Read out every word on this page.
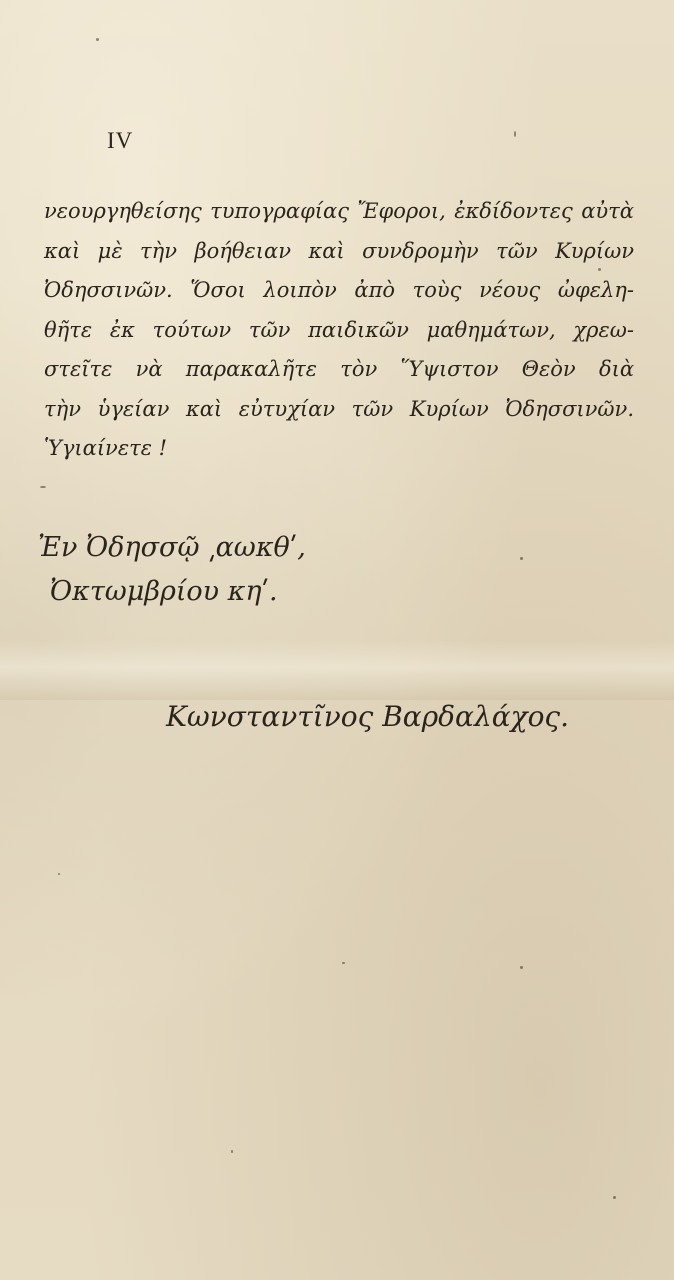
IV
νεουργηθείσης τυπογραφίας Ἔφοροι, ἐκδίδοντες αὐτὰ
καὶ μὲ τὴν βοήθειαν καὶ συνδρομὴν τῶν Κυρίων
Ὀδησσινῶν. Ὅσοι λοιπὸν ἀπὸ τοὺς νέους ὠφελη-
θῆτε ἐκ τούτων τῶν παιδικῶν μαθημάτων, χρεω-
στεῖτε νὰ παρακαλῆτε τὸν Ὕψιστον Θεὸν διὰ
τὴν ὑγείαν καὶ εὐτυχίαν τῶν Κυρίων Ὀδησσινῶν.
Ὑγιαίνετε !
Ἐν Ὀδησσῷ ͵αωκθʹ,
Ὀκτωμβρίου κηʹ.
Κωνσταντῖνος Βαρδαλάχος.
